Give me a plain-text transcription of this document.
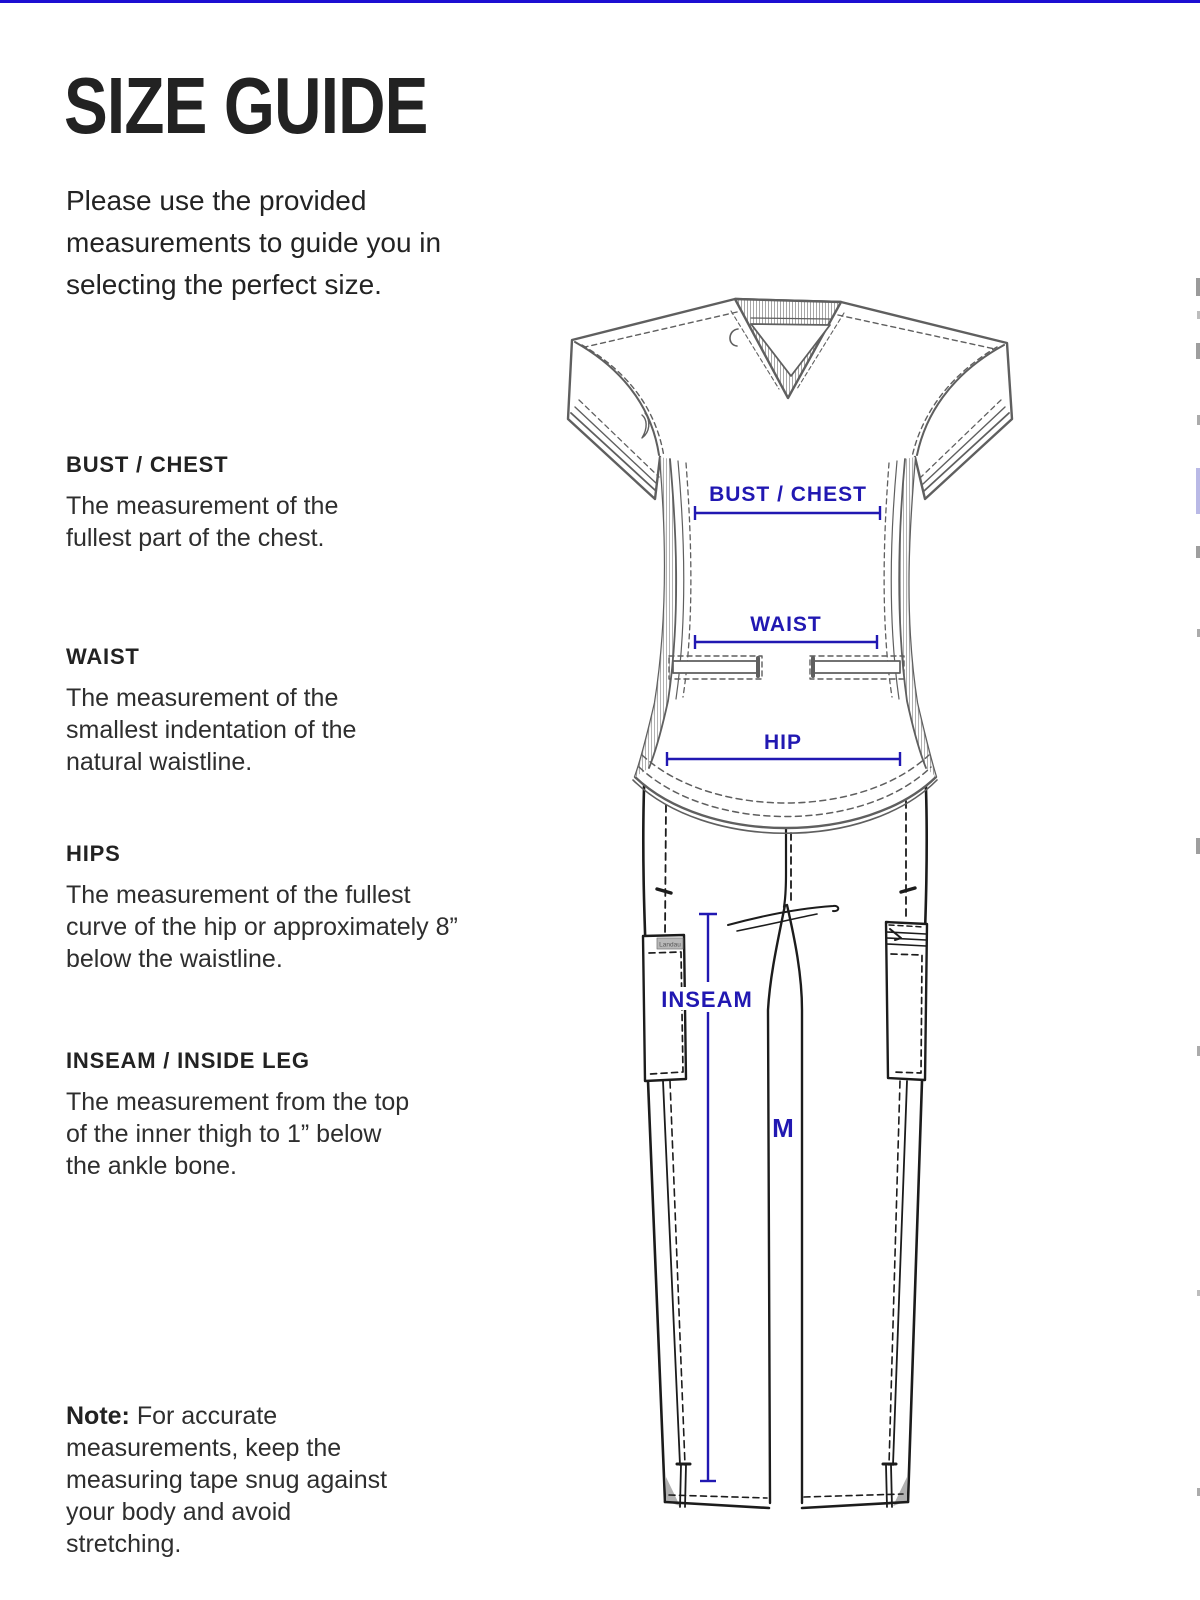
SIZE GUIDE

Please use the provided measurements to guide you in selecting the perfect size.

BUST / CHEST

The measurement of the fullest part of the chest.

WAIST

The measurement of the smallest indentation of the natural waistline.

HIPS

The measurement of the fullest curve of the hip or approximately 8” below the waistline.

INSEAM / INSIDE LEG

The measurement from the top of the inner thigh to 1” below the ankle bone.

Note: For accurate measurements, keep the measuring tape snug against your body and avoid stretching.

Landau
BUST / CHEST
WAIST
HIP
INSEAM
M
